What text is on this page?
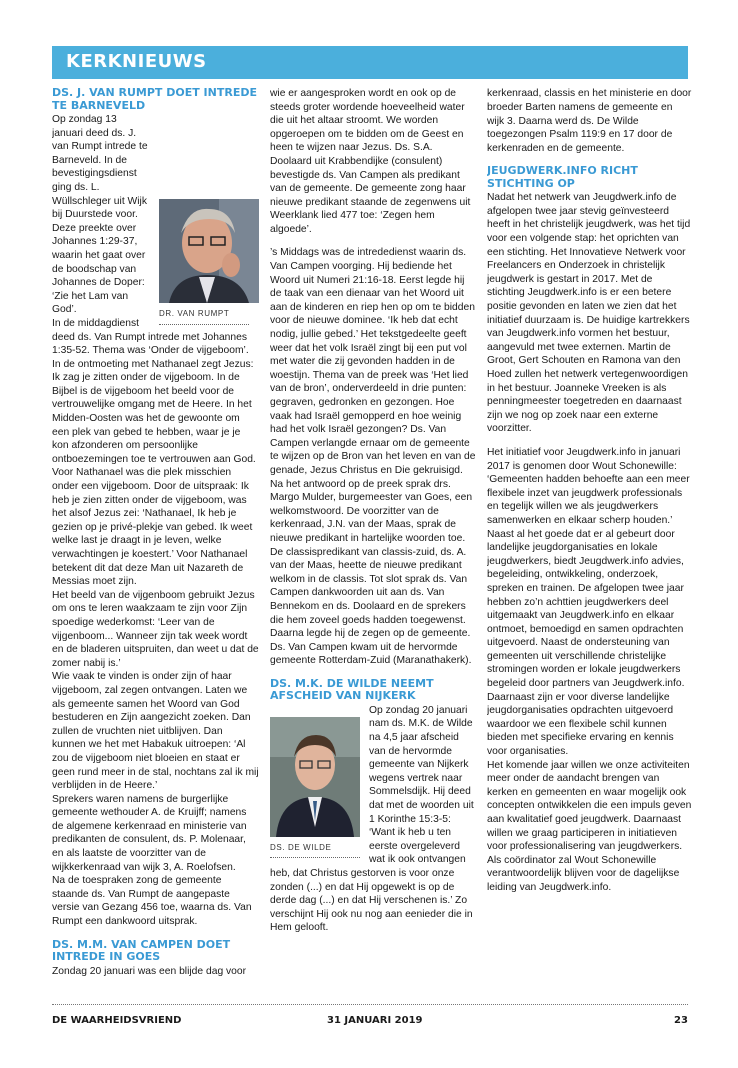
KERKNIEUWS
DS. J. VAN RUMPT DOET INTREDE TE BARNEVELD
DR. VAN RUMPT

Op zondag 13 januari deed ds. J. van Rumpt intrede te Barneveld. In de bevestigingsdienst ging ds. L. Wüllschleger uit Wijk bij Duurstede voor. Deze preekte over Johannes 1:29-37, waarin het gaat over de boodschap van Johannes de Doper: ‘Zie het Lam van God’.

In de middagdienst deed ds. Van Rumpt intrede met Johannes 1:35-52. Thema was ‘Onder de vijgeboom’. In de ontmoeting met Nathanael zegt Jezus: Ik zag je zitten onder de vijgeboom. In de Bijbel is de vijgeboom het beeld voor de vertrouwelijke omgang met de Heere. In het Midden-Oosten was het de gewoonte om een plek van gebed te hebben, waar je je kon afzonderen om persoonlijke ontboezemingen toe te vertrouwen aan God. Voor Nathanael was die plek misschien onder een vijgeboom. Door de uitspraak: Ik heb je zien zitten onder de vijgeboom, was het alsof Jezus zei: ‘Nathanael, Ik heb je gezien op je privé-plekje van gebed. Ik weet welke last je draagt in je leven, welke verwachtingen je koestert.’ Voor Nathanael betekent dit dat deze Man uit Nazareth de Messias moet zijn.

Het beeld van de vijgenboom gebruikt Jezus om ons te leren waakzaam te zijn voor Zijn spoedige wederkomst: ‘Leer van de vijgenboom... Wanneer zijn tak week wordt en de bladeren uitspruiten, dan weet u dat de zomer nabij is.’

Wie vaak te vinden is onder zijn of haar vijgeboom, zal zegen ontvangen. Laten we als gemeente samen het Woord van God bestuderen en Zijn aangezicht zoeken. Dan zullen de vruchten niet uitblijven. Dan kunnen we het met Habakuk uitroepen: ‘Al zou de vijgeboom niet bloeien en staat er geen rund meer in de stal, nochtans zal ik mij verblijden in de Heere.’

Sprekers waren namens de burgerlijke gemeente wethouder A. de Kruijff; namens de algemene kerkenraad en ministerie van predikanten de consulent, ds. P. Molenaar, en als laatste de voorzitter van de wijkkerkenraad van wijk 3, A. Roelofsen.

Na de toespraken zong de gemeente staande ds. Van Rumpt de aangepaste versie van Gezang 456 toe, waarna ds. Van Rumpt een dankwoord uitsprak.

DS. M.M. VAN CAMPEN DOET INTREDE IN GOES

Zondag 20 januari was een blijde dag voor

wie er aangesproken wordt en ook op de steeds groter wordende hoeveelheid water die uit het altaar stroomt. We worden opgeroepen om te bidden om de Geest en heen te wijzen naar Jezus. Ds. S.A. Doolaard uit Krabbendijke (consulent) bevestigde ds. Van Campen als predikant van de gemeente. De gemeente zong haar nieuwe predikant staande de zegenwens uit Weerklank lied 477 toe: ‘Zegen hem algoede’.

’s Middags was de intrededienst waarin ds. Van Campen voorging. Hij bediende het Woord uit Numeri 21:16-18. Eerst legde hij de taak van een dienaar van het Woord uit aan de kinderen en riep hen op om te bidden voor de nieuwe dominee. ‘Ik heb dat echt nodig, jullie gebed.’ Het tekstgedeelte geeft weer dat het volk Israël zingt bij een put vol met water die zij gevonden hadden in de woestijn. Thema van de preek was ‘Het lied van de bron’, onderverdeeld in drie punten: gegraven, gedronken en gezongen. Hoe vaak had Israël gemopperd en hoe weinig had het volk Israël gezongen? Ds. Van Campen verlangde ernaar om de gemeente te wijzen op de Bron van het leven en van de genade, Jezus Christus en Die gekruisigd.

Na het antwoord op de preek sprak drs. Margo Mulder, burgemeester van Goes, een welkomstwoord. De voorzitter van de kerkenraad, J.N. van der Maas, sprak de nieuwe predikant in hartelijke woorden toe. De classispredikant van classis-zuid, ds. A. van der Maas, heette de nieuwe predikant welkom in de classis. Tot slot sprak ds. Van Campen dankwoorden uit aan ds. Van Bennekom en ds. Doolaard en de sprekers die hem zoveel goeds hadden toegewenst. Daarna legde hij de zegen op de gemeente. Ds. Van Campen kwam uit de hervormde gemeente Rotterdam-Zuid (Maranathakerk).

DS. M.K. DE WILDE NEEMT AFSCHEID VAN NIJKERK
DS. DE WILDE

Op zondag 20 januari nam ds. M.K. de Wilde na 4,5 jaar afscheid van de hervormde gemeente van Nijkerk wegens vertrek naar Sommelsdijk. Hij deed dat met de woorden uit 1 Korinthe 15:3-5: ‘Want ik heb u ten eerste overgeleverd wat ik ook ontvangen heb, dat Christus gestorven is voor onze zonden (...) en dat Hij opgewekt is op de derde dag (...) en dat Hij verschenen is.’ Zo verschijnt Hij ook nu nog aan eenieder die in Hem gelooft.

kerkenraad, classis en het ministerie en door broeder Barten namens de gemeente en wijk 3. Daarna werd ds. De Wilde toegezongen Psalm 119:9 en 17 door de kerkenraden en de gemeente.

JEUGDWERK.INFO RICHT STICHTING OP

Nadat het netwerk van Jeugdwerk.info de afgelopen twee jaar stevig geïnvesteerd heeft in het christelijk jeugdwerk, was het tijd voor een volgende stap: het oprichten van een stichting. Het Innovatieve Netwerk voor Freelancers en Onderzoek in christelijk jeugdwerk is gestart in 2017. Met de stichting Jeugdwerk.info is er een betere positie gevonden en laten we zien dat het initiatief duurzaam is. De huidige kartrekkers van Jeugdwerk.info vormen het bestuur, aangevuld met twee externen. Martin de Groot, Gert Schouten en Ramona van den Hoed zullen het netwerk vertegenwoordigen in het bestuur. Joanneke Vreeken is als penningmeester toegetreden en daarnaast zijn we nog op zoek naar een externe voorzitter.

Het initiatief voor Jeugdwerk.info in januari 2017 is genomen door Wout Schonewille: ‘Gemeenten hadden behoefte aan een meer flexibele inzet van jeugdwerk professionals en tegelijk willen we als jeugdwerkers samenwerken en elkaar scherp houden.’

Naast al het goede dat er al gebeurt door landelijke jeugdorganisaties en lokale jeugdwerkers, biedt Jeugdwerk.info advies, begeleiding, ontwikkeling, onderzoek, spreken en trainen. De afgelopen twee jaar hebben zo’n achttien jeugdwerkers deel uitgemaakt van Jeugdwerk.info en elkaar ontmoet, bemoedigd en samen opdrachten uitgevoerd. Naast de ondersteuning van gemeenten uit verschillende christelijke stromingen worden er lokale jeugdwerkers begeleid door partners van Jeugdwerk.info. Daarnaast zijn er voor diverse landelijke jeugdorganisaties opdrachten uitgevoerd waardoor we een flexibele schil kunnen bieden met specifieke ervaring en kennis voor organisaties.

Het komende jaar willen we onze activiteiten meer onder de aandacht brengen van kerken en gemeenten en waar mogelijk ook concepten ontwikkelen die een impuls geven aan kwalitatief goed jeugdwerk. Daarnaast willen we graag participeren in initiatieven voor professionalisering van jeugdwerkers. Als coördinator zal Wout Schonewille verantwoordelijk blijven voor de dagelijkse leiding van Jeugdwerk.info.

DE WAARHEIDSVRIEND	31 JANUARI 2019	23
